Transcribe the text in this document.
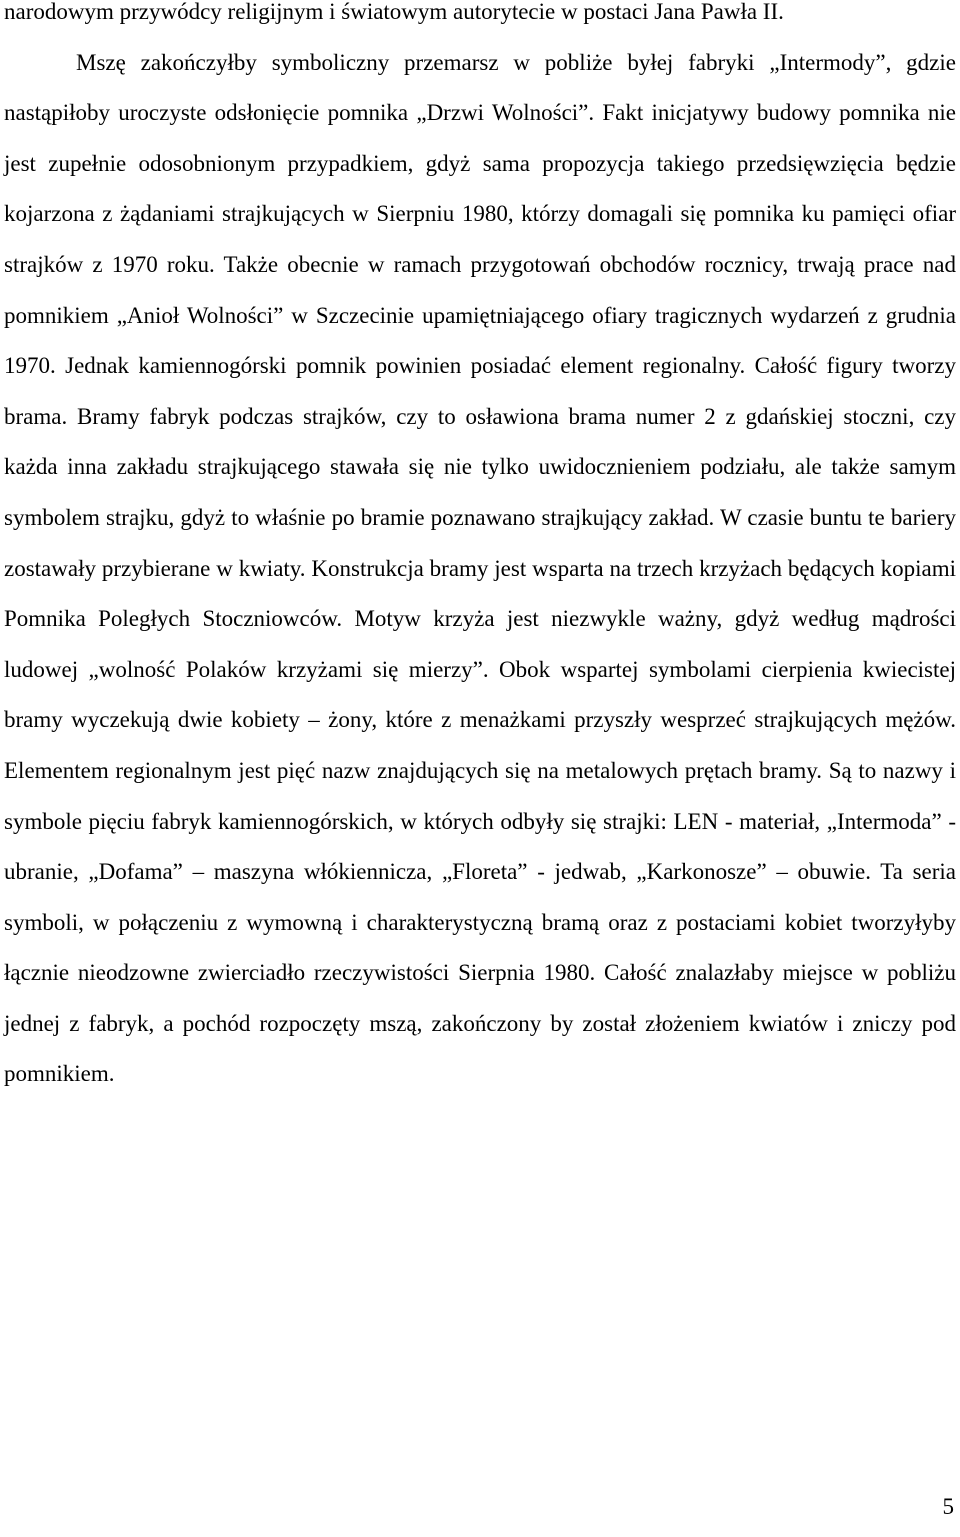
narodowym przywódcy religijnym i światowym autorytecie w postaci Jana Pawła II.

Mszę zakończyłby symboliczny przemarsz w pobliże byłej fabryki „Intermody”, gdzie nastąpiłoby uroczyste odsłonięcie pomnika „Drzwi Wolności”. Fakt inicjatywy budowy pomnika nie jest zupełnie odosobnionym przypadkiem, gdyż sama propozycja takiego przedsięwzięcia będzie kojarzona z żądaniami strajkujących w Sierpniu 1980, którzy domagali się pomnika ku pamięci ofiar strajków z 1970 roku. Także obecnie w ramach przygotowań obchodów rocznicy, trwają prace nad pomnikiem „Anioł Wolności” w Szczecinie upamiętniającego ofiary tragicznych wydarzeń z grudnia 1970. Jednak kamiennogórski pomnik powinien posiadać element regionalny. Całość figury tworzy brama. Bramy fabryk podczas strajków, czy to osławiona brama numer 2 z gdańskiej stoczni, czy każda inna zakładu strajkującego stawała się nie tylko uwidocznieniem podziału, ale także samym symbolem strajku, gdyż to właśnie po bramie poznawano strajkujący zakład. W czasie buntu te bariery zostawały przybierane w kwiaty. Konstrukcja bramy jest wsparta na trzech krzyżach będących kopiami Pomnika Poległych Stoczniowców. Motyw krzyża jest niezwykle ważny, gdyż według mądrości ludowej „wolność Polaków krzyżami się mierzy”. Obok wspartej symbolami cierpienia kwiecistej bramy wyczekują dwie kobiety – żony, które z menażkami przyszły wesprzeć strajkujących mężów. Elementem regionalnym jest pięć nazw znajdujących się na metalowych prętach bramy. Są to nazwy i symbole pięciu fabryk kamiennogórskich, w których odbyły się strajki: LEN - materiał, „Intermoda” - ubranie, „Dofama” – maszyna włókiennicza, „Floreta” - jedwab, „Karkonosze” – obuwie. Ta seria symboli, w połączeniu z wymowną i charakterystyczną bramą oraz z postaciami kobiet tworzyłyby łącznie nieodzowne zwierciadło rzeczywistości Sierpnia 1980. Całość znalazłaby miejsce w pobliżu jednej z fabryk, a pochód rozpoczęty mszą, zakończony by został złożeniem kwiatów i zniczy pod pomnikiem.

5
